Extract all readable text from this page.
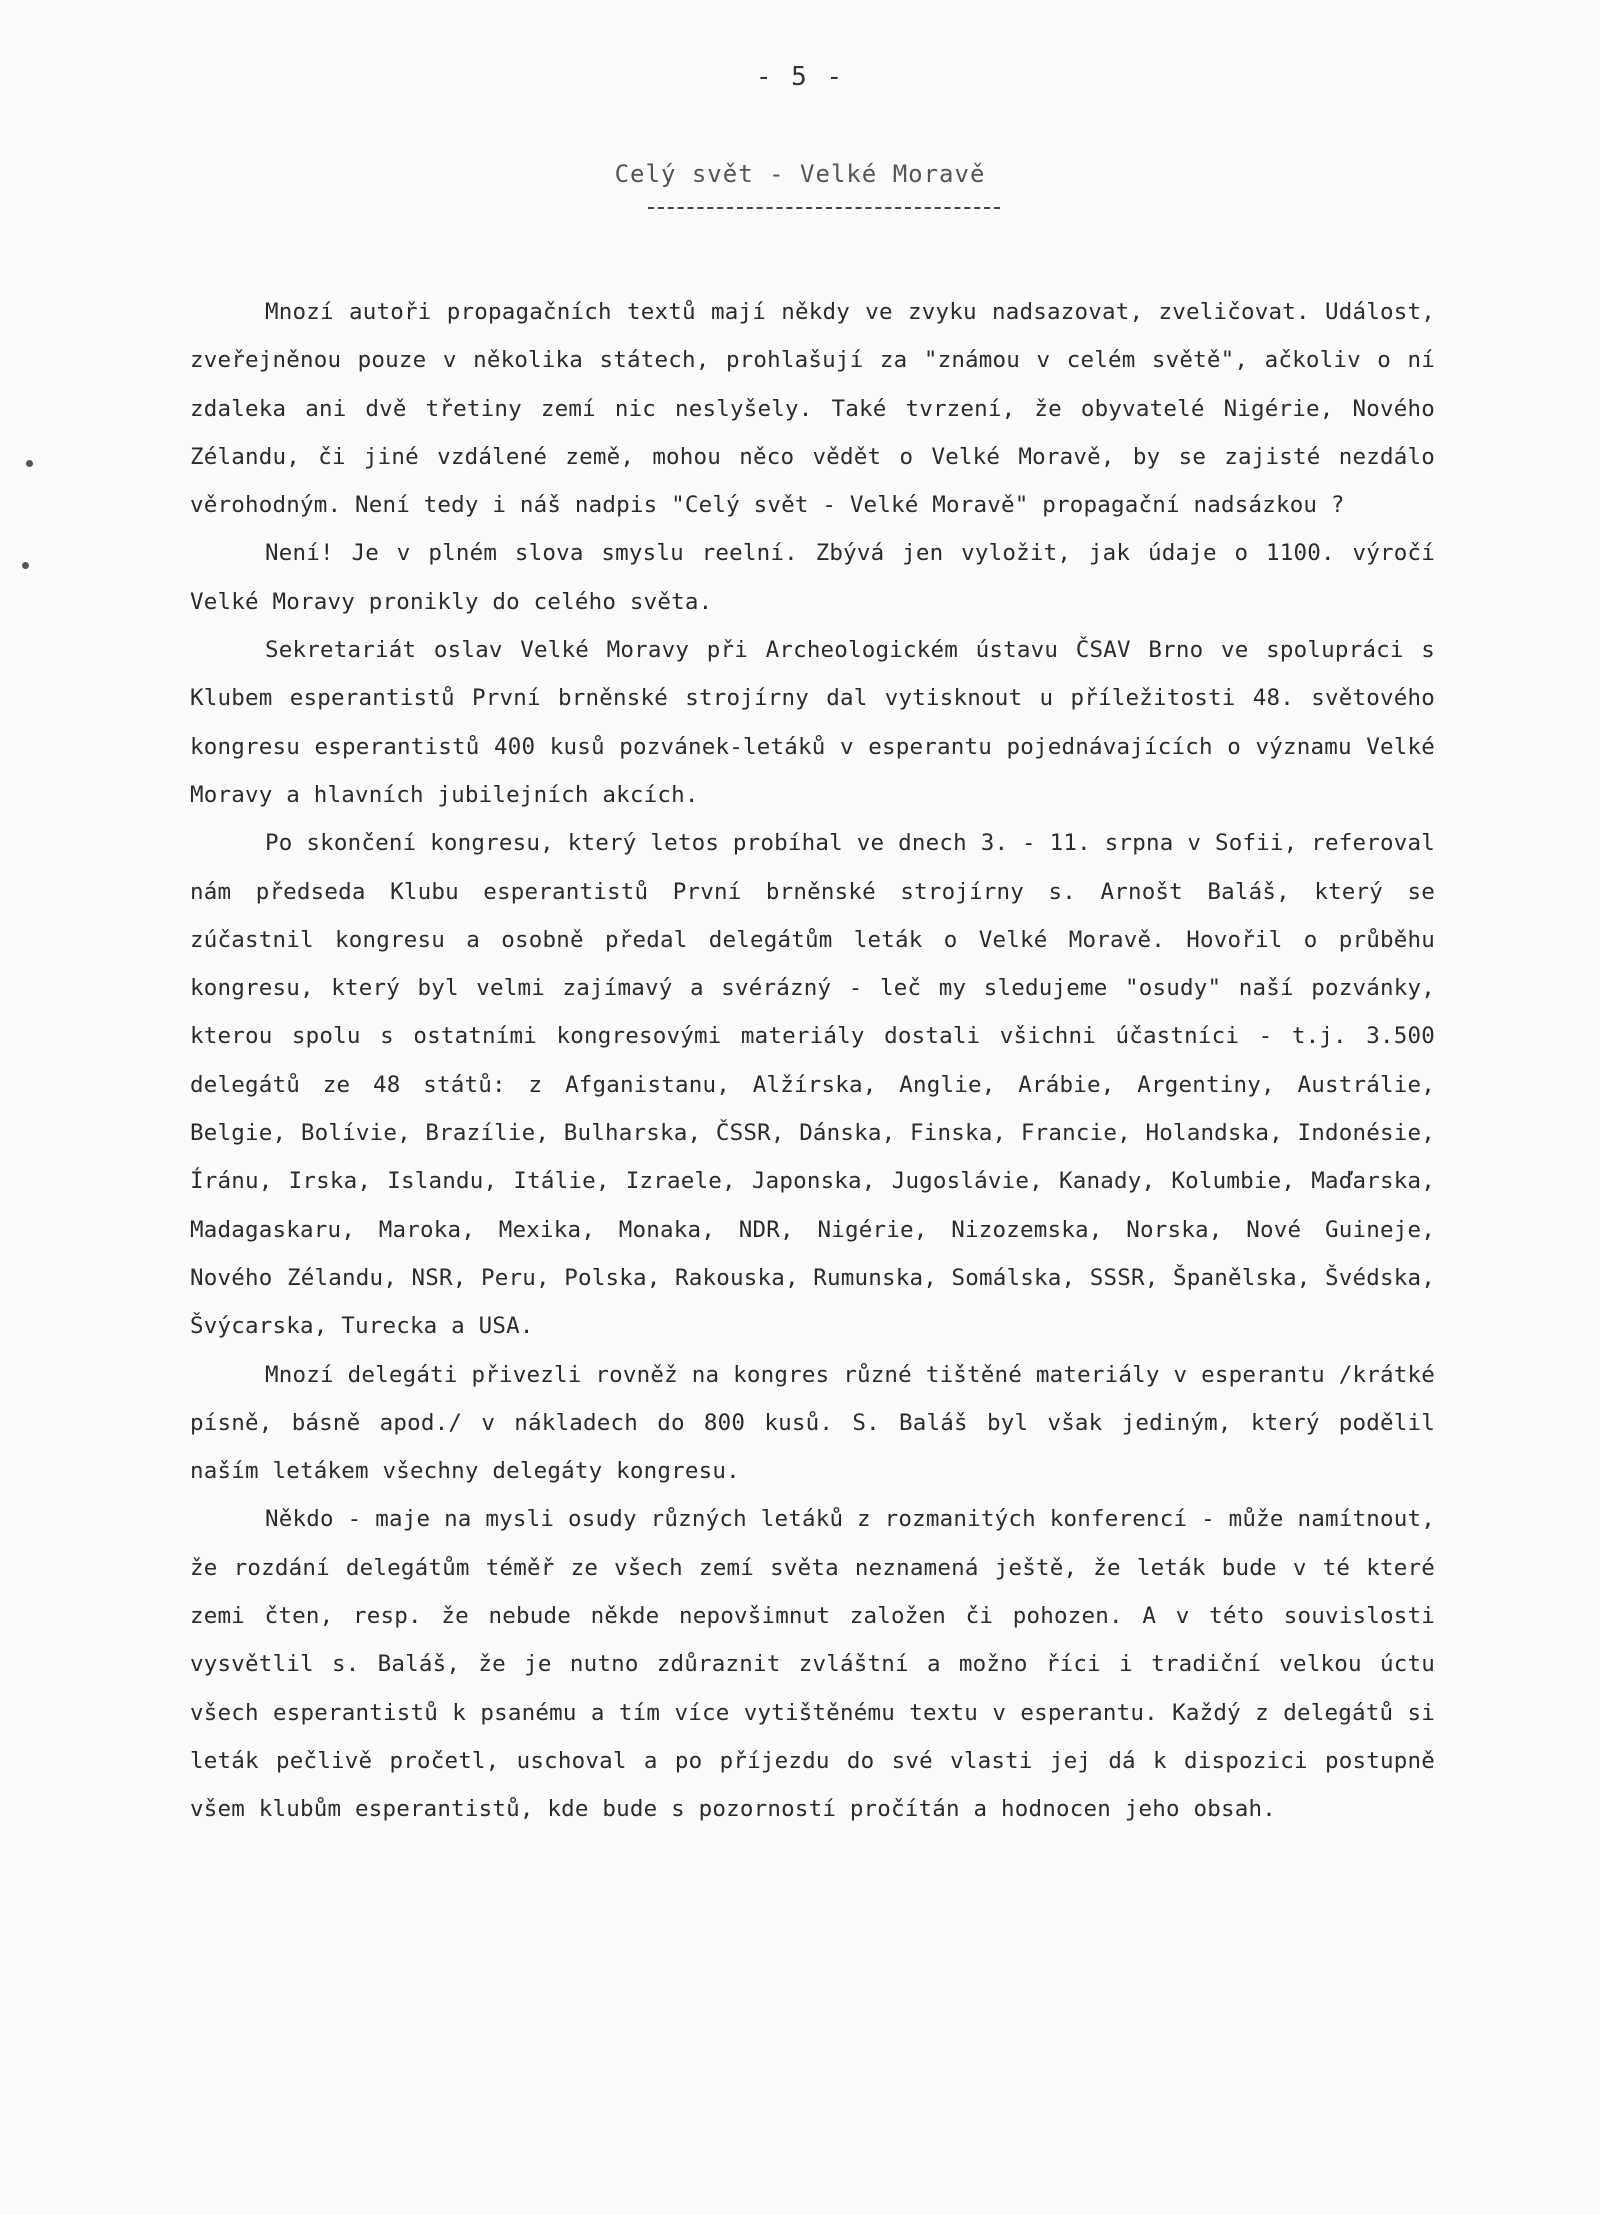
- 5 -
Celý svět - Velké Moravě

Mnozí autoři propagačních textů mají někdy ve zvyku nadsazovat, zveličovat. Událost, zveřejněnou pouze v několika státech, prohlašují za "známou v celém světě", ačkoliv o ní zdaleka ani dvě třetiny zemí nic neslyšely. Také tvrzení, že obyvatelé Nigérie, Nového Zélandu, či jiné vzdálené země, mohou něco vědět o Velké Moravě, by se zajisté nezdálo věrohodným. Není tedy i náš nadpis "Celý svět - Velké Moravě" propagační nadsázkou ?

Není! Je v plném slova smyslu reelní. Zbývá jen vyložit, jak údaje o 1100. výročí Velké Moravy pronikly do celého světa.

Sekretariát oslav Velké Moravy při Archeologickém ústavu ČSAV Brno ve spolupráci s Klubem esperantistů První brněnské strojírny dal vytisknout u příležitosti 48. světového kongresu esperantistů 400 kusů pozvánek-letáků v esperantu pojednávajících o významu Velké Moravy a hlavních jubilejních akcích.

Po skončení kongresu, který letos probíhal ve dnech 3. - 11. srpna v Sofii, referoval nám předseda Klubu esperantistů První brněnské strojírny s. Arnošt Baláš, který se zúčastnil kongresu a osobně předal delegátům leták o Velké Moravě. Hovořil o průběhu kongresu, který byl velmi zajímavý a svérázný - leč my sledujeme "osudy" naší pozvánky, kterou spolu s ostatními kongresovými materiály dostali všichni účastníci - t.j. 3.500 delegátů ze 48 států: z Afganistanu, Alžírska, Anglie, Arábie, Argentiny, Austrálie, Belgie, Bolívie, Brazílie, Bulharska, ČSSR, Dánska, Finska, Francie, Holandska, Indonésie, Íránu, Irska, Islandu, Itálie, Izraele, Japonska, Jugoslávie, Kanady, Kolumbie, Maďarska, Madagaskaru, Maroka, Mexika, Monaka, NDR, Nigérie, Nizozemska, Norska, Nové Guineje, Nového Zélandu, NSR, Peru, Polska, Rakouska, Rumunska, Somálska, SSSR, Španělska, Švédska, Švýcarska, Turecka a USA.

Mnozí delegáti přivezli rovněž na kongres různé tištěné materiály v esperantu /krátké písně, básně apod./ v nákladech do 800 kusů. S. Baláš byl však jediným, který podělil naším letákem všechny delegáty kongresu.

Někdo - maje na mysli osudy různých letáků z rozmanitých konferencí - může namítnout, že rozdání delegátům téměř ze všech zemí světa neznamená ještě, že leták bude v té které zemi čten, resp. že nebude někde nepovšimnut založen či pohozen. A v této souvislosti vysvětlil s. Baláš, že je nutno zdůraznit zvláštní a možno říci i tradiční velkou úctu všech esperantistů k psanému a tím více vytištěnému textu v esperantu. Každý z delegátů si leták pečlivě pročetl, uschoval a po příjezdu do své vlasti jej dá k dispozici postupně všem klubům esperantistů, kde bude s pozorností pročítán a hodnocen jeho obsah.
